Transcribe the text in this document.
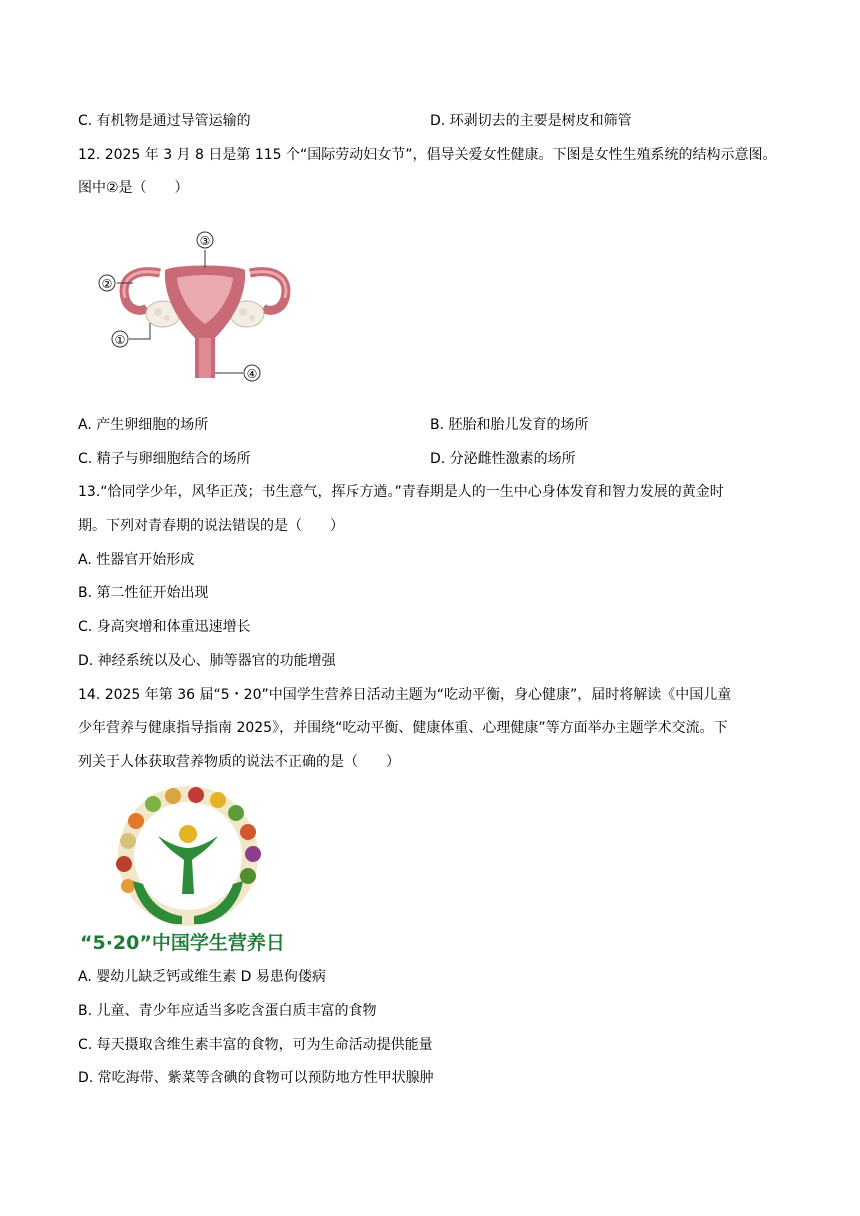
C. 有机物是通过导管运输的	D. 环剥切去的主要是树皮和筛管
12. 2025 年 3 月 8 日是第 115 个“国际劳动妇女节”，倡导关爱女性健康。下图是女性生殖系统的结构示意图。
图中②是（　　）
③
②
①
④
A. 产生卵细胞的场所	B. 胚胎和胎儿发育的场所
C. 精子与卵细胞结合的场所	D. 分泌雌性激素的场所
13.“恰同学少年，风华正茂；书生意气，挥斥方遒。”青春期是人的一生中心身体发育和智力发展的黄金时
期。下列对青春期的说法错误的是（　　）
A. 性器官开始形成
B. 第二性征开始出现
C. 身高突增和体重迅速增长
D. 神经系统以及心、肺等器官的功能增强
14. 2025 年第 36 届“5・20”中国学生营养日活动主题为“吃动平衡，身心健康”，届时将解读《中国儿童
少年营养与健康指导指南 2025》，并围绕“吃动平衡、健康体重、心理健康”等方面举办主题学术交流。下
列关于人体获取营养物质的说法不正确的是（　　）
“5·20”中国学生营养日
A. 婴幼儿缺乏钙或维生素 D 易患佝偻病
B. 儿童、青少年应适当多吃含蛋白质丰富的食物
C. 每天摄取含维生素丰富的食物，可为生命活动提供能量
D. 常吃海带、紫菜等含碘的食物可以预防地方性甲状腺肿
